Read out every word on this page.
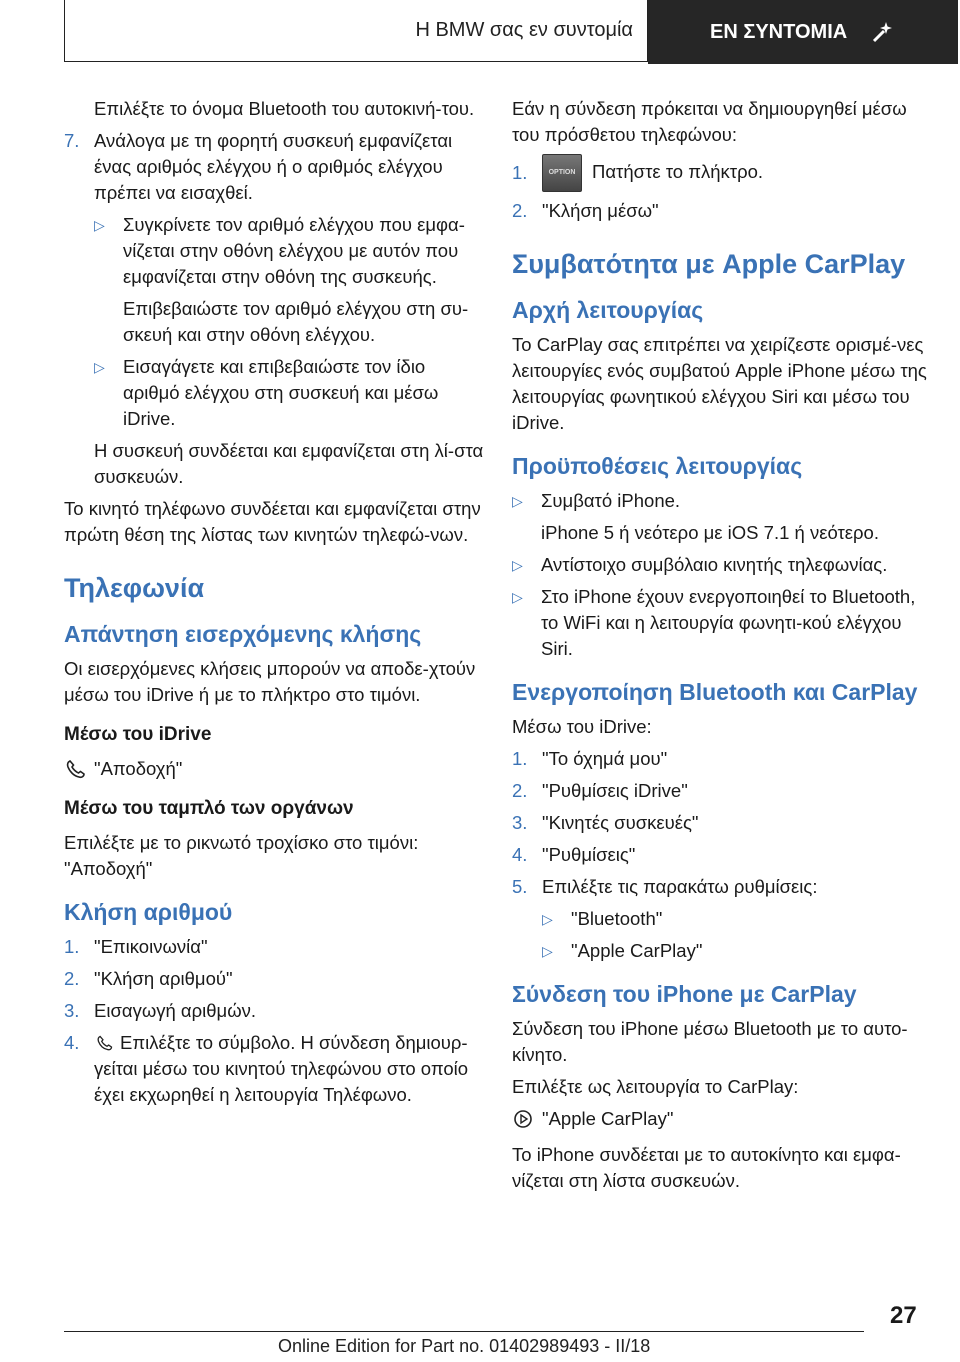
Η BMW σας εν συντομία	ΕΝ ΣΥΝΤΟΜΙΑ

Επιλέξτε το όνομα Bluetooth του αυτοκινή-του.

7. Ανάλογα με τη φορητή συσκευή εμφανίζεται ένας αριθμός ελέγχου ή ο αριθμός ελέγχου πρέπει να εισαχθεί.
▷ Συγκρίνετε τον αριθμό ελέγχου που εμφα-νίζεται στην οθόνη ελέγχου με αυτόν που εμφανίζεται στην οθόνη της συσκευής.

Επιβεβαιώστε τον αριθμό ελέγχου στη συ-σκευή και στην οθόνη ελέγχου.

▷ Εισαγάγετε και επιβεβαιώστε τον ίδιο αριθμό ελέγχου στη συσκευή και μέσω iDrive.

Η συσκευή συνδέεται και εμφανίζεται στη λί-στα συσκευών.

Το κινητό τηλέφωνο συνδέεται και εμφανίζεται στην πρώτη θέση της λίστας των κινητών τηλεφώ-νων.

Τηλεφωνία
Απάντηση εισερχόμενης κλήσης

Οι εισερχόμενες κλήσεις μπορούν να αποδε-χτούν μέσω του iDrive ή με το πλήκτρο στο τιμόνι.

Μέσω του iDrive
"Αποδοχή"
Μέσω του ταμπλό των οργάνων

Επιλέξτε με το ρικνωτό τροχίσκο στο τιμόνι: "Αποδοχή"

Κλήση αριθμού
1. "Επικοινωνία"
2. "Κλήση αριθμού"
3. Εισαγωγή αριθμών.
4.	Επιλέξτε το σύμβολο. Η σύνδεση δημιουρ-γείται μέσω του κινητού τηλεφώνου στο οποίο έχει εκχωρηθεί η λειτουργία Τηλέφωνο.

Εάν η σύνδεση πρόκειται να δημιουργηθεί μέσω του πρόσθετου τηλεφώνου:

1.	OPTION Πατήστε το πλήκτρο.
2. "Κλήση μέσω"
Συμβατότητα με Apple CarPlay
Αρχή λειτουργίας

Το CarPlay σας επιτρέπει να χειρίζεστε ορισμέ-νες λειτουργίες ενός συμβατού Apple iPhone μέσω της λειτουργίας φωνητικού ελέγχου Siri και μέσω του iDrive.

Προϋποθέσεις λειτουργίας
▷ Συμβατό iPhone.

iPhone 5 ή νεότερο με iOS 7.1 ή νεότερο.

▷ Αντίστοιχο συμβόλαιο κινητής τηλεφωνίας.
▷ Στο iPhone έχουν ενεργοποιηθεί το Bluetooth, το WiFi και η λειτουργία φωνητι-κού ελέγχου Siri.
Ενεργοποίηση Bluetooth και CarPlay

Μέσω του iDrive:

1. "Το όχημά μου"
2. "Ρυθμίσεις iDrive"
3. "Κινητές συσκευές"
4. "Ρυθμίσεις"
5. Επιλέξτε τις παρακάτω ρυθμίσεις:
▷ "Bluetooth"
▷ "Apple CarPlay"
Σύνδεση του iPhone με CarPlay

Σύνδεση του iPhone μέσω Bluetooth με το αυτο-κίνητο.

Επιλέξτε ως λειτουργία το CarPlay:

"Apple CarPlay"

Το iPhone συνδέεται με το αυτοκίνητο και εμφα-νίζεται στη λίστα συσκευών.

27
Online Edition for Part no. 01402989493 - II/18
